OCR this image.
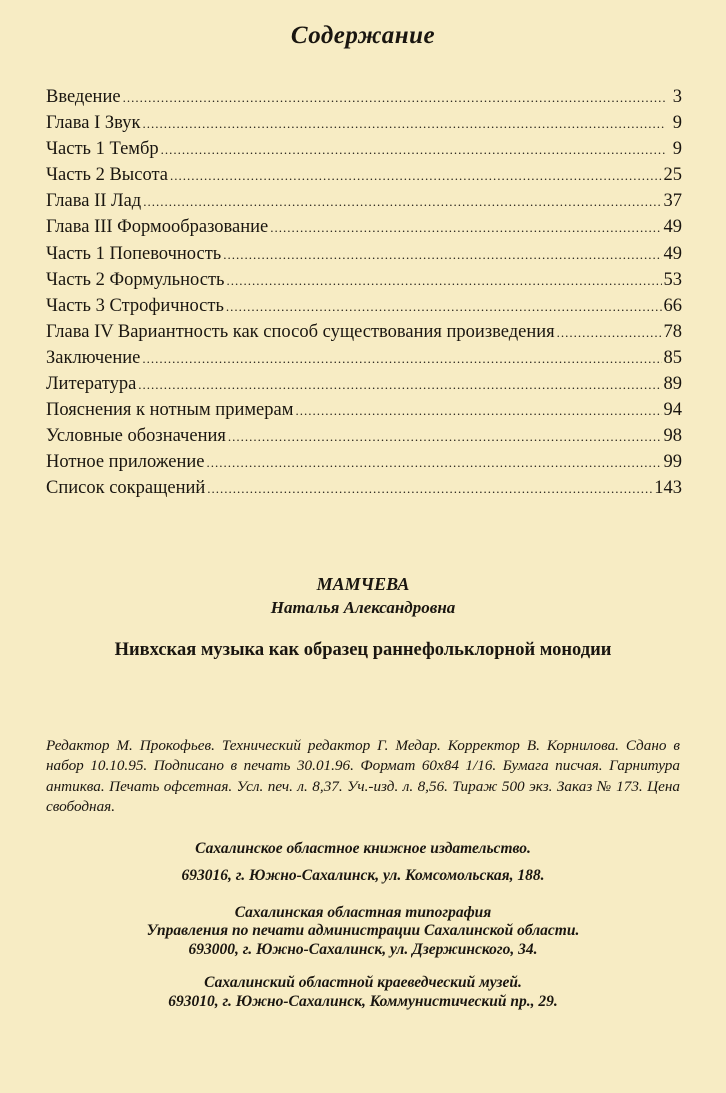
Содержание
Введение .....	3
Глава I Звук .....	9
Часть 1 Тембр .....	9
Часть 2 Высота .....	25
Глава II Лад .....	37
Глава III Формообразование .....	49
Часть 1 Попевочность .....	49
Часть 2 Формульность .....	53
Часть 3 Строфичность .....	66
Глава IV Вариантность как способ существования произведения .....	78
Заключение .....	85
Литература .....	89
Пояснения к нотным примерам .....	94
Условные обозначения .....	98
Нотное приложение .....	99
Список сокращений .....	143
МАМЧЕВА
Наталья Александровна
Нивхская музыка как образец раннефольклорной монодии
Редактор М. Прокофьев. Технический редактор Г. Медар. Корректор В. Корнилова. Сдано в набор 10.10.95. Подписано в печать 30.01.96. Формат 60х84 1/16. Бумага писчая. Гарнитура антиква. Печать офсетная. Усл. печ. л. 8,37. Уч.-изд. л. 8,56. Тираж 500 экз. Заказ № 173. Цена свободная.
Сахалинское областное книжное издательство.
693016, г. Южно-Сахалинск, ул. Комсомольская, 188.
Сахалинская областная типография
Управления по печати администрации Сахалинской области.
693000, г. Южно-Сахалинск, ул. Дзержинского, 34.
Сахалинский областной краеведческий музей.
693010, г. Южно-Сахалинск, Коммунистический пр., 29.
